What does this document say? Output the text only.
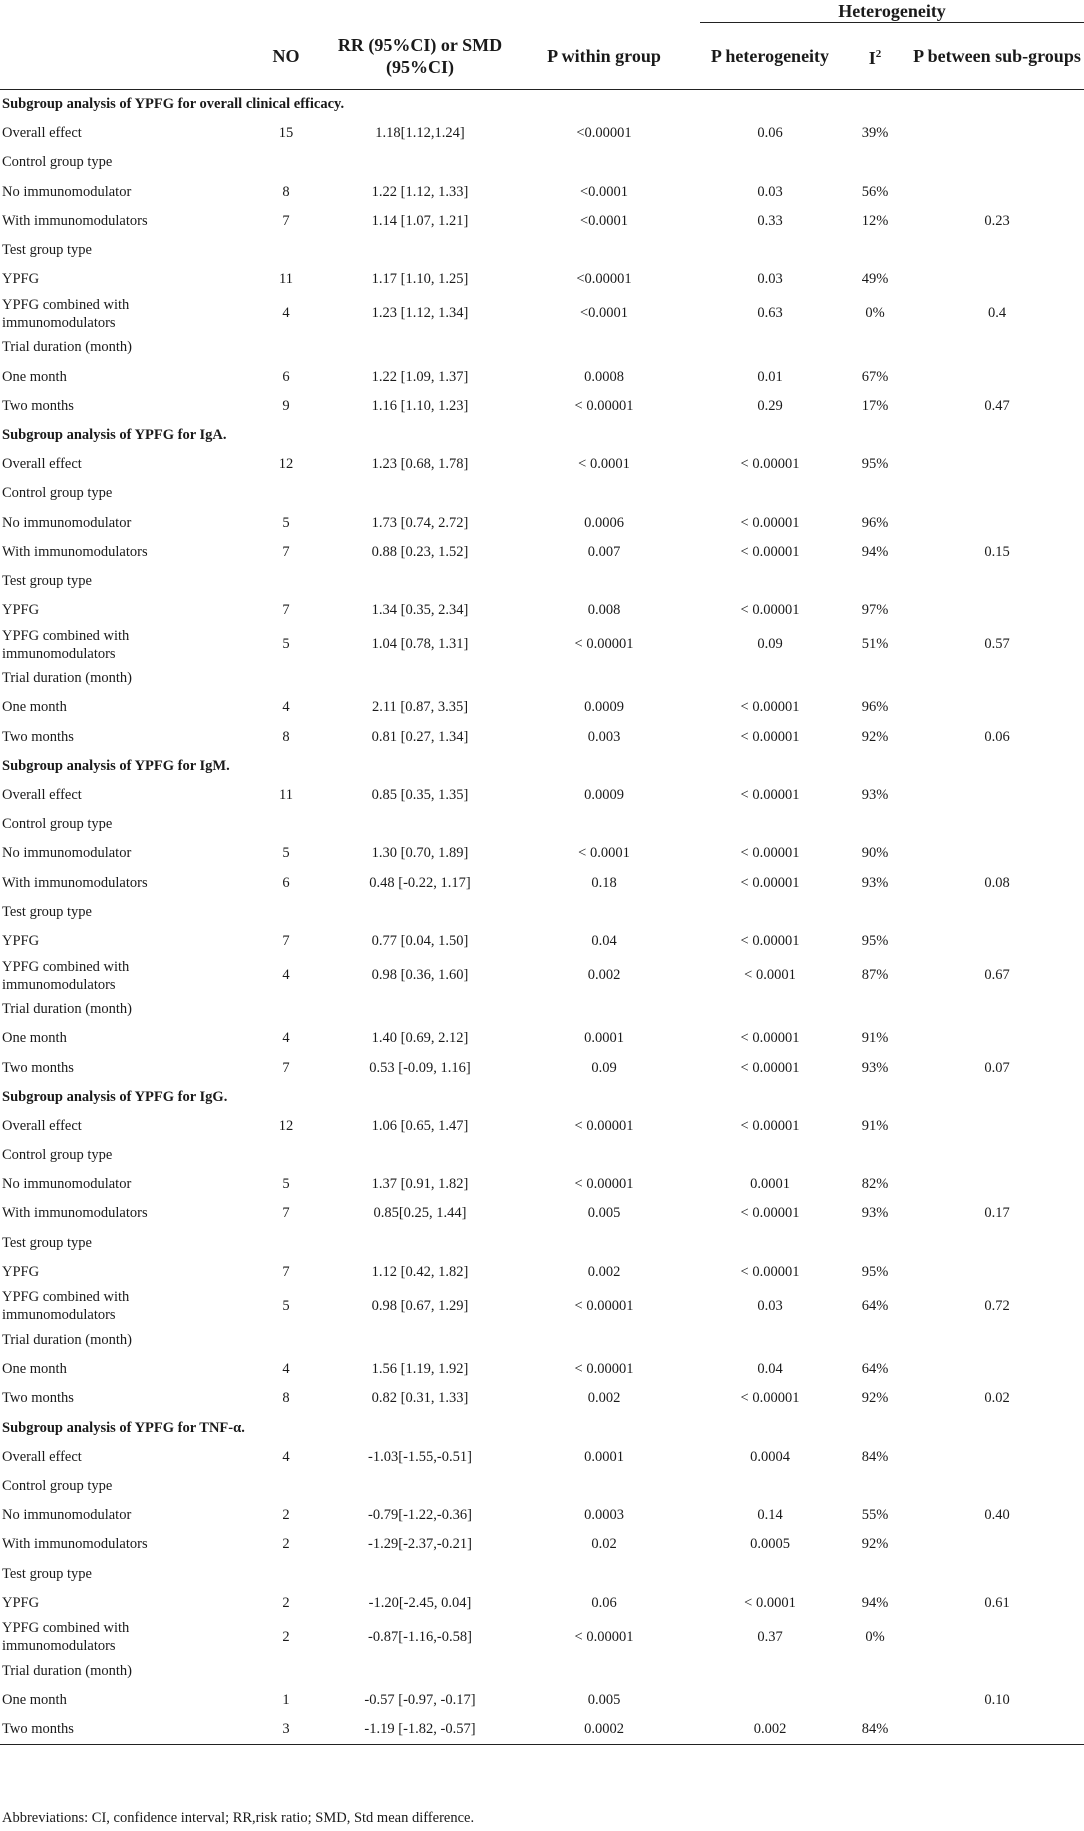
				Heterogeneity		
	NO	RR (95%CI) or SMD (95%CI)	P within group	P heterogeneity	$I^2$	P between sub-groups
Subgroup analysis of YPFG for overall clinical efficacy.						
Overall effect	15	1.18[1.12,1.24]	<0.00001	0.06	39%	
Control group type						
No immunomodulator	8	1.22 [1.12, 1.33]	<0.0001	0.03	56%	
With immunomodulators	7	1.14 [1.07, 1.21]	<0.0001	0.33	12%	0.23
Test group type						
YPFG	11	1.17 [1.10, 1.25]	<0.00001	0.03	49%	
YPFG combined with immunomodulators	4	1.23 [1.12, 1.34]	<0.0001	0.63	0%	0.4
Trial duration (month)						
One month	6	1.22 [1.09, 1.37]	0.0008	0.01	67%	
Two months	9	1.16 [1.10, 1.23]	< 0.00001	0.29	17%	0.47
Subgroup analysis of YPFG for IgA.						
Overall effect	12	1.23 [0.68, 1.78]	< 0.0001	< 0.00001	95%	
Control group type						
No immunomodulator	5	1.73 [0.74, 2.72]	0.0006	< 0.00001	96%	
With immunomodulators	7	0.88 [0.23, 1.52]	0.007	< 0.00001	94%	0.15
Test group type						
YPFG	7	1.34 [0.35, 2.34]	0.008	< 0.00001	97%	
YPFG combined with immunomodulators	5	1.04 [0.78, 1.31]	< 0.00001	0.09	51%	0.57
Trial duration (month)						
One month	4	2.11 [0.87, 3.35]	0.0009	< 0.00001	96%	
Two months	8	0.81 [0.27, 1.34]	0.003	< 0.00001	92%	0.06
Subgroup analysis of YPFG for IgM.						
Overall effect	11	0.85 [0.35, 1.35]	0.0009	< 0.00001	93%	
Control group type						
No immunomodulator	5	1.30 [0.70, 1.89]	< 0.0001	< 0.00001	90%	
With immunomodulators	6	0.48 [-0.22, 1.17]	0.18	< 0.00001	93%	0.08
Test group type						
YPFG	7	0.77 [0.04, 1.50]	0.04	< 0.00001	95%	
YPFG combined with immunomodulators	4	0.98 [0.36, 1.60]	0.002	< 0.0001	87%	0.67
Trial duration (month)						
One month	4	1.40 [0.69, 2.12]	0.0001	< 0.00001	91%	
Two months	7	0.53 [-0.09, 1.16]	0.09	< 0.00001	93%	0.07
Subgroup analysis of YPFG for IgG.						
Overall effect	12	1.06 [0.65, 1.47]	< 0.00001	< 0.00001	91%	
Control group type						
No immunomodulator	5	1.37 [0.91, 1.82]	< 0.00001	0.0001	82%	
With immunomodulators	7	0.85[0.25, 1.44]	0.005	< 0.00001	93%	0.17
Test group type						
YPFG	7	1.12 [0.42, 1.82]	0.002	< 0.00001	95%	
YPFG combined with immunomodulators	5	0.98 [0.67, 1.29]	< 0.00001	0.03	64%	0.72
Trial duration (month)						
One month	4	1.56 [1.19, 1.92]	< 0.00001	0.04	64%	
Two months	8	0.82 [0.31, 1.33]	0.002	< 0.00001	92%	0.02
Subgroup analysis of YPFG for TNF-α.						
Overall effect	4	-1.03[-1.55,-0.51]	0.0001	0.0004	84%	
Control group type						
No immunomodulator	2	-0.79[-1.22,-0.36]	0.0003	0.14	55%	0.40
With immunomodulators	2	-1.29[-2.37,-0.21]	0.02	0.0005	92%	
Test group type						
YPFG	2	-1.20[-2.45, 0.04]	0.06	< 0.0001	94%	0.61
YPFG combined with immunomodulators	2	-0.87[-1.16,-0.58]	< 0.00001	0.37	0%	
Trial duration (month)						
One month	1	-0.57 [-0.97, -0.17]	0.005			0.10
Two months	3	-1.19 [-1.82, -0.57]	0.0002	0.002	84%	
Abbreviations: CI, confidence interval; RR,risk ratio; SMD, Std mean difference.
